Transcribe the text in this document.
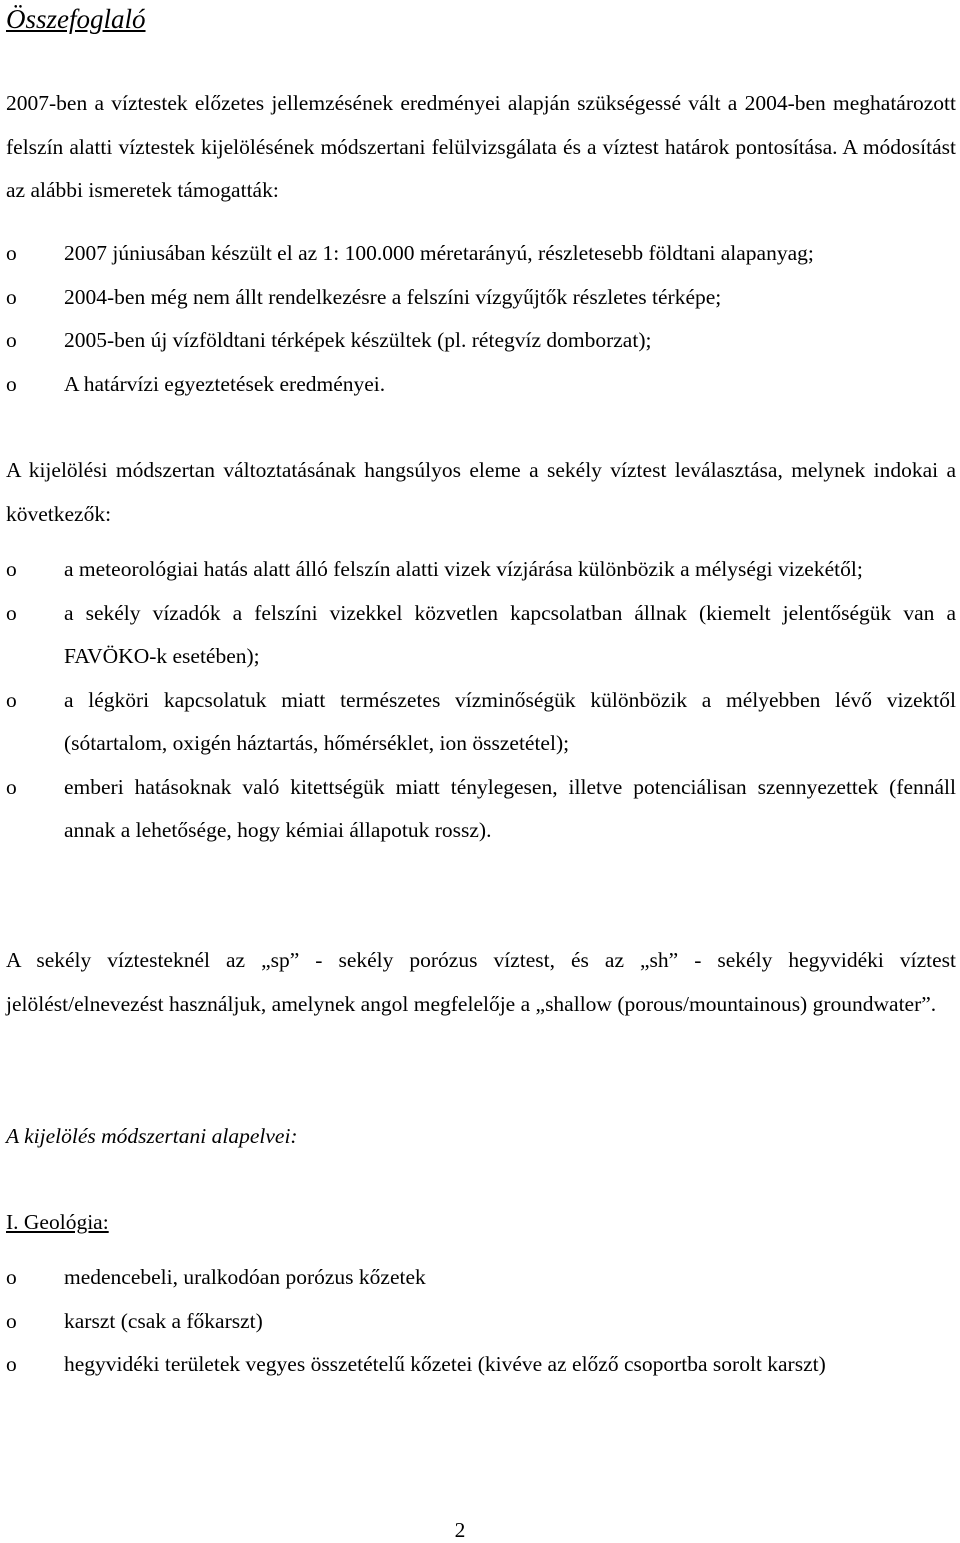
Összefoglaló

2007-ben a víztestek előzetes jellemzésének eredményei alapján szükségessé vált a 2004-ben meghatározott felszín alatti víztestek kijelölésének módszertani felülvizsgálata és a víztest határok pontosítása. A módosítást az alábbi ismeretek támogatták:

o 2007 júniusában készült el az 1: 100.000 méretarányú, részletesebb földtani alapanyag;
o 2004-ben még nem állt rendelkezésre a felszíni vízgyűjtők részletes térképe;
o 2005-ben új vízföldtani térképek készültek (pl. rétegvíz domborzat);
o A határvízi egyeztetések eredményei.

A kijelölési módszertan változtatásának hangsúlyos eleme a sekély víztest leválasztása, melynek indokai a következők:

o a meteorológiai hatás alatt álló felszín alatti vizek vízjárása különbözik a mélységi vizekétől;
o a sekély vízadók a felszíni vizekkel közvetlen kapcsolatban állnak (kiemelt jelentőségük van a FAVÖKO-k esetében);
o a légköri kapcsolatuk miatt természetes vízminőségük különbözik a mélyebben lévő vizektől (sótartalom, oxigén háztartás, hőmérséklet, ion összetétel);
o emberi hatásoknak való kitettségük miatt ténylegesen, illetve potenciálisan szennyezettek (fennáll annak a lehetősége, hogy kémiai állapotuk rossz).

A sekély víztesteknél az „sp” - sekély porózus víztest, és az „sh” - sekély hegyvidéki víztest jelölést/elnevezést használjuk, amelynek angol megfelelője a „shallow (porous/mountainous) groundwater”.

A kijelölés módszertani alapelvei:

I. Geológia:

o medencebeli, uralkodóan porózus kőzetek
o karszt (csak a főkarszt)
o hegyvidéki területek vegyes összetételű kőzetei (kivéve az előző csoportba sorolt karszt)
2
